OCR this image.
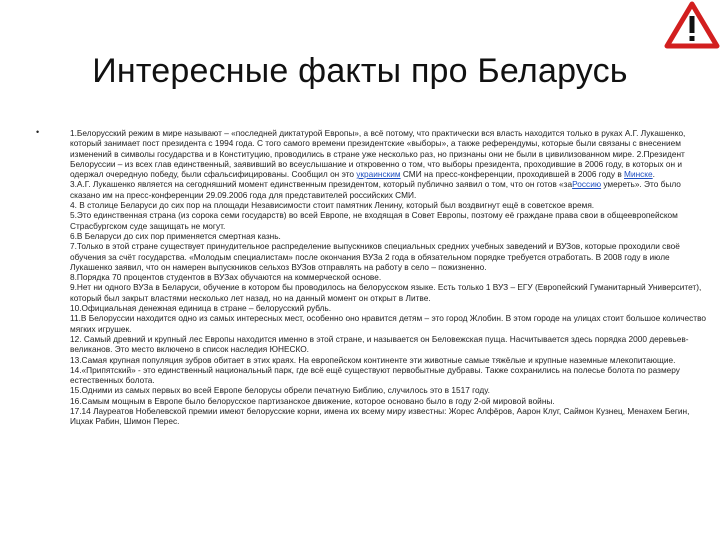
Интересные факты про Беларусь
•	1.Белорусский режим в мире называют – «последней диктатурой Европы», а всё потому, что практически вся власть находится только в руках А.Г. Лукашенко, который занимает пост президента с 1994 года. С того самого времени президентские «выборы», а также референдумы, которые были связаны с внесением изменений в символы государства и в Конституцию, проводились в стране уже несколько раз, но признаны они не были в цивилизованном мире. 2.Президент Белоруссии – из всех глав единственный, заявивший во всеуслышание и откровенно о том, что выборы президента, проходившие в 2006 году, в которых он и одержал очередную победу, были сфальсифицированы. Сообщил он это украинским СМИ на пресс-конференции, проходившей в 2006 году в Минске.
3.А.Г. Лукашенко является на сегодняшний момент единственным президентом, который публично заявил о том, что он готов «заРоссию умереть». Это было сказано им на пресс-конференции 29.09.2006 года для представителей российских СМИ.
4. В столице Беларуси до сих пор на площади Независимости стоит памятник Ленину, который был воздвигнут ещё в советское время.
5.Это единственная страна (из сорока семи государств) во всей Европе, не входящая в Совет Европы, поэтому её граждане права свои в общеевропейском Страсбургском суде защищать не могут.
6.В Беларуси до сих пор применяется смертная казнь.
7.Только в этой стране существует принудительное распределение выпускников специальных средних учебных заведений и ВУЗов, которые проходили своё обучения за счёт государства. «Молодым специалистам» после окончания ВУЗа 2 года в обязательном порядке требуется отработать. В 2008 году в июле Лукашенко заявил, что он намерен выпускников сельхоз ВУЗов отправлять на работу в село – пожизненно.
8.Порядка 70 процентов студентов в ВУЗах обучаются на коммерческой основе.
9.Нет ни одного ВУЗа в Беларуси, обучение в котором бы проводилось на белорусском языке. Есть только 1 ВУЗ – ЕГУ (Европейский Гуманитарный Университет), который был закрыт властями несколько лет назад, но на данный момент он открыт в Литве.
10.Официальная денежная единица в стране – белорусский рубль.
11.В Белоруссии находится одно из самых интересных мест, особенно оно нравится детям – это город Жлобин. В этом городе на улицах стоит большое количество мягких игрушек.
12. Самый древний и крупный лес Европы находится именно в этой стране, и называется он Беловежская пуща. Насчитывается здесь порядка 2000 деревьев-великанов. Это место включено в список наследия ЮНЕСКО.
13.Самая крупная популяция зубров обитает в этих краях. На европейском континенте эти животные самые тяжёлые и крупные наземные млекопитающие.
14.«Припятский» - это единственный национальный парк, где всё ещё существуют первобытные дубравы. Также сохранились на полесье болота по размеру естественных болота.
15.Одними из самых первых во всей Европе белорусы обрели печатную Библию, случилось это в 1517 году.
16.Самым мощным в Европе было белорусское партизанское движение, которое основано было в году 2-ой мировой войны.
17.14 Лауреатов Нобелевской премии имеют белорусские корни, имена их всему миру известны: Жорес Алфёров, Аарон Клуг, Саймон Кузнец, Менахем Бегин, Ицхак Рабин, Шимон Перес.
